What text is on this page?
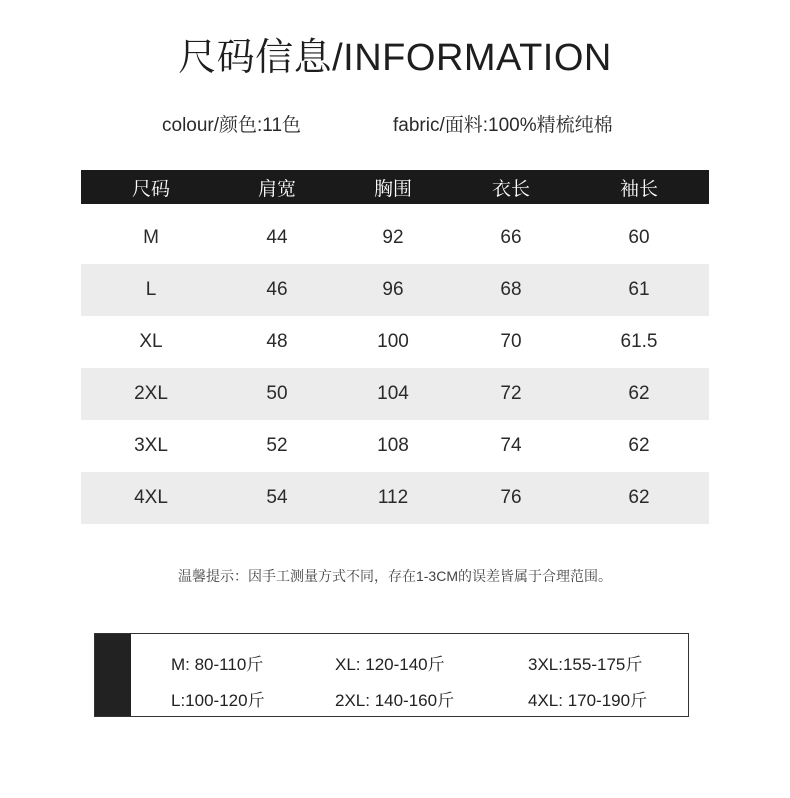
尺码信息/INFORMATION
colour/颜色:11色	fabric/面料:100%精梳纯棉
尺码	肩宽	胸围	衣长	袖长

M	44	92	66	60
L	46	96	68	61
XL	48	100	70	61.5
2XL	50	104	72	62
3XL	52	108	74	62
4XL	54	112	76	62
温馨提示：因手工测量方式不同，存在1-3CM的误差皆属于合理范围。
M: 80-110斤	XL: 120-140斤	3XL:155-175斤
L:100-120斤	2XL: 140-160斤	4XL: 170-190斤
